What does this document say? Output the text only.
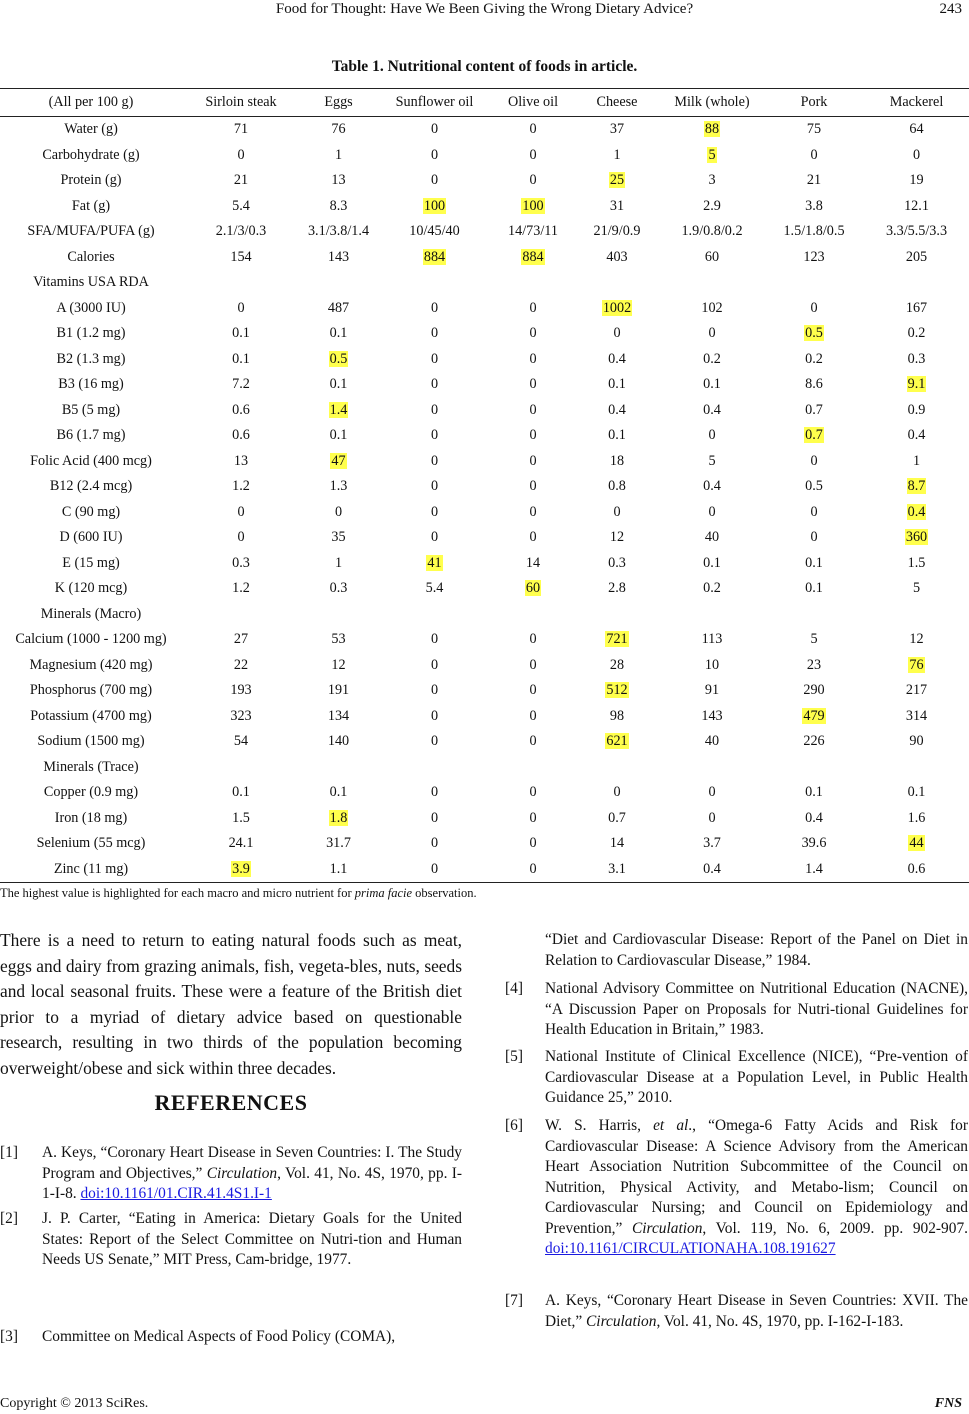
Food for Thought: Have We Been Giving the Wrong Dietary Advice?	243
Table 1. Nutritional content of foods in article.
(All per 100 g)	Sirloin steak	Eggs	Sunflower oil	Olive oil	Cheese	Milk (whole)	Pork	Mackerel
Water (g)	71	76	0	0	37	88	75	64
Carbohydrate (g)	0	1	0	0	1	5	0	0
Protein (g)	21	13	0	0	25	3	21	19
Fat (g)	5.4	8.3	100	100	31	2.9	3.8	12.1
SFA/MUFA/PUFA (g)	2.1/3/0.3	3.1/3.8/1.4	10/45/40	14/73/11	21/9/0.9	1.9/0.8/0.2	1.5/1.8/0.5	3.3/5.5/3.3
Calories	154	143	884	884	403	60	123	205
Vitamins USA RDA								
A (3000 IU)	0	487	0	0	1002	102	0	167
B1 (1.2 mg)	0.1	0.1	0	0	0	0	0.5	0.2
B2 (1.3 mg)	0.1	0.5	0	0	0.4	0.2	0.2	0.3
B3 (16 mg)	7.2	0.1	0	0	0.1	0.1	8.6	9.1
B5 (5 mg)	0.6	1.4	0	0	0.4	0.4	0.7	0.9
B6 (1.7 mg)	0.6	0.1	0	0	0.1	0	0.7	0.4
Folic Acid (400 mcg)	13	47	0	0	18	5	0	1
B12 (2.4 mcg)	1.2	1.3	0	0	0.8	0.4	0.5	8.7
C (90 mg)	0	0	0	0	0	0	0	0.4
D (600 IU)	0	35	0	0	12	40	0	360
E (15 mg)	0.3	1	41	14	0.3	0.1	0.1	1.5
K (120 mcg)	1.2	0.3	5.4	60	2.8	0.2	0.1	5
Minerals (Macro)								
Calcium (1000 - 1200 mg)	27	53	0	0	721	113	5	12
Magnesium (420 mg)	22	12	0	0	28	10	23	76
Phosphorus (700 mg)	193	191	0	0	512	91	290	217
Potassium (4700 mg)	323	134	0	0	98	143	479	314
Sodium (1500 mg)	54	140	0	0	621	40	226	90
Minerals (Trace)								
Copper (0.9 mg)	0.1	0.1	0	0	0	0	0.1	0.1
Iron (18 mg)	1.5	1.8	0	0	0.7	0	0.4	1.6
Selenium (55 mcg)	24.1	31.7	0	0	14	3.7	39.6	44
Zinc (11 mg)	3.9	1.1	0	0	3.1	0.4	1.4	0.6
The highest value is highlighted for each macro and micro nutrient for prima facie observation.

There is a need to return to eating natural foods such as meat, eggs and dairy from grazing animals, fish, vegeta-bles, nuts, seeds and local seasonal fruits. These were a feature of the British diet prior to a myriad of dietary advice based on questionable research, resulting in two thirds of the population becoming overweight/obese and sick within three decades.

REFERENCES
[1] A. Keys, “Coronary Heart Disease in Seven Countries: I. The Study Program and Objectives,” Circulation, Vol. 41, No. 4S, 1970, pp. I-1-I-8. doi:10.1161/01.CIR.41.4S1.I-1
[2] J. P. Carter, “Eating in America: Dietary Goals for the United States: Report of the Select Committee on Nutri-tion and Human Needs US Senate,” MIT Press, Cam-bridge, 1977.
[3] Committee on Medical Aspects of Food Policy (COMA),
“Diet and Cardiovascular Disease: Report of the Panel on Diet in Relation to Cardiovascular Disease,” 1984.
[4] National Advisory Committee on Nutritional Education (NACNE), “A Discussion Paper on Proposals for Nutri-tional Guidelines for Health Education in Britain,” 1983.
[5] National Institute of Clinical Excellence (NICE), “Pre-vention of Cardiovascular Disease at a Population Level, in Public Health Guidance 25,” 2010.
[6] W. S. Harris, et al., “Omega-6 Fatty Acids and Risk for Cardiovascular Disease: A Science Advisory from the American Heart Association Nutrition Subcommittee of the Council on Nutrition, Physical Activity, and Metabo-lism; Council on Cardiovascular Nursing; and Council on Epidemiology and Prevention,” Circulation, Vol. 119, No. 6, 2009. pp. 902-907. doi:10.1161/CIRCULATIONAHA.108.191627
[7] A. Keys, “Coronary Heart Disease in Seven Countries: XVII. The Diet,” Circulation, Vol. 41, No. 4S, 1970, pp. I-162-I-183.
Copyright © 2013 SciRes.	FNS
